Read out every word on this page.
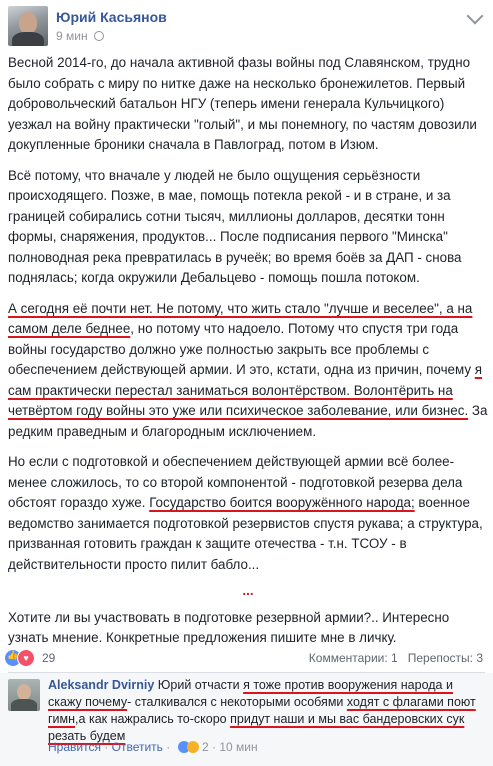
Юрий Касьянов
9 мин

Весной 2014-го, до начала активной фазы войны под Славянском, трудно было собрать с миру по нитке даже на несколько бронежилетов. Первый добровольческий батальон НГУ (теперь имени генерала Кульчицкого) уезжал на войну практически "голый", и мы понемногу, по частям довозили докупленные броники сначала в Павлоград, потом в Изюм.

Всё потому, что вначале у людей не было ощущения серьёзности происходящего. Позже, в мае, помощь потекла рекой - и в стране, и за границей собирались сотни тысяч, миллионы долларов, десятки тонн формы, снаряжения, продуктов... После подписания первого "Минска" полноводная река превратилась в ручеёк; во время боёв за ДАП - снова поднялась; когда окружили Дебальцево - помощь пошла потоком.

А сегодня её почти нет. Не потому, что жить стало "лучше и веселее", а на самом деле беднее, но потому что надоело. Потому что спустя три года войны государство должно уже полностью закрыть все проблемы с обеспечением действующей армии. И это, кстати, одна из причин, почему я сам практически перестал заниматься волонтёрством. Волонтёрить на четвёртом году войны это уже или психическое заболевание, или бизнес. За редким праведным и благородным исключением.

Но если с подготовкой и обеспечением действующей армии всё более-менее сложилось, то со второй компонентой - подготовкой резерва дела обстоят гораздо хуже. Государство боится вооружённого народа; военное ведомство занимается подготовкой резервистов спустя рукава; а структура, призванная готовить граждан к защите отечества - т.н. ТСОУ - в действительности просто пилит бабло...

...

Хотите ли вы участвовать в подготовке резервной армии?.. Интересно узнать мнение. Конкретные предложения пишите мне в личку.

👍
♥	29	Комментарии: 1 Перепосты: 3
Aleksandr Dvirniy Юрий отчасти я тоже против вооружения народа и скажу почему- сталкивался с некоторыми особями ходят с флагами поют гимн,а как нажрались то-скоро придут наши и мы вас бандеровских сук резать будем
Нравится · Ответить ·  2 · 10 мин
